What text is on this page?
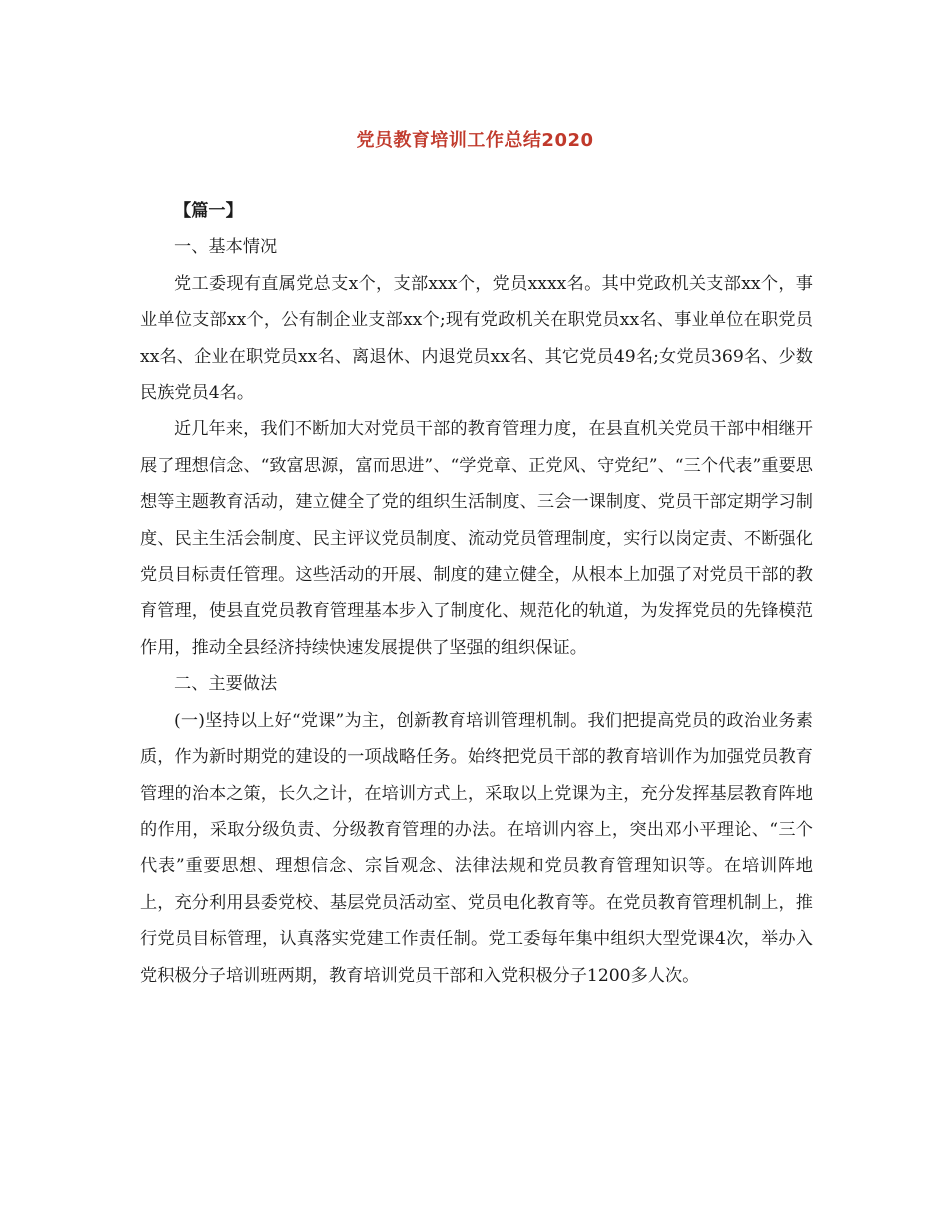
党员教育培训工作总结2020

【篇一】

一、基本情况

党工委现有直属党总支x个，支部xxx个，党员xxxx名。其中党政机关支部xx个，事业单位支部xx个，公有制企业支部xx个;现有党政机关在职党员xx名、事业单位在职党员xx名、企业在职党员xx名、离退休、内退党员xx名、其它党员49名;女党员369名、少数民族党员4名。

近几年来，我们不断加大对党员干部的教育管理力度，在县直机关党员干部中相继开展了理想信念、“致富思源，富而思进”、“学党章、正党风、守党纪”、“三个代表”重要思想等主题教育活动，建立健全了党的组织生活制度、三会一课制度、党员干部定期学习制度、民主生活会制度、民主评议党员制度、流动党员管理制度，实行以岗定责、不断强化党员目标责任管理。这些活动的开展、制度的建立健全，从根本上加强了对党员干部的教育管理，使县直党员教育管理基本步入了制度化、规范化的轨道，为发挥党员的先锋模范作用，推动全县经济持续快速发展提供了坚强的组织保证。

二、主要做法

(一)坚持以上好“党课”为主，创新教育培训管理机制。我们把提高党员的政治业务素质，作为新时期党的建设的一项战略任务。始终把党员干部的教育培训作为加强党员教育管理的治本之策，长久之计，在培训方式上，采取以上党课为主，充分发挥基层教育阵地的作用，采取分级负责、分级教育管理的办法。在培训内容上，突出邓小平理论、“三个代表”重要思想、理想信念、宗旨观念、法律法规和党员教育管理知识等。在培训阵地上，充分利用县委党校、基层党员活动室、党员电化教育等。在党员教育管理机制上，推行党员目标管理，认真落实党建工作责任制。党工委每年集中组织大型党课4次，举办入党积极分子培训班两期，教育培训党员干部和入党积极分子1200多人次。
